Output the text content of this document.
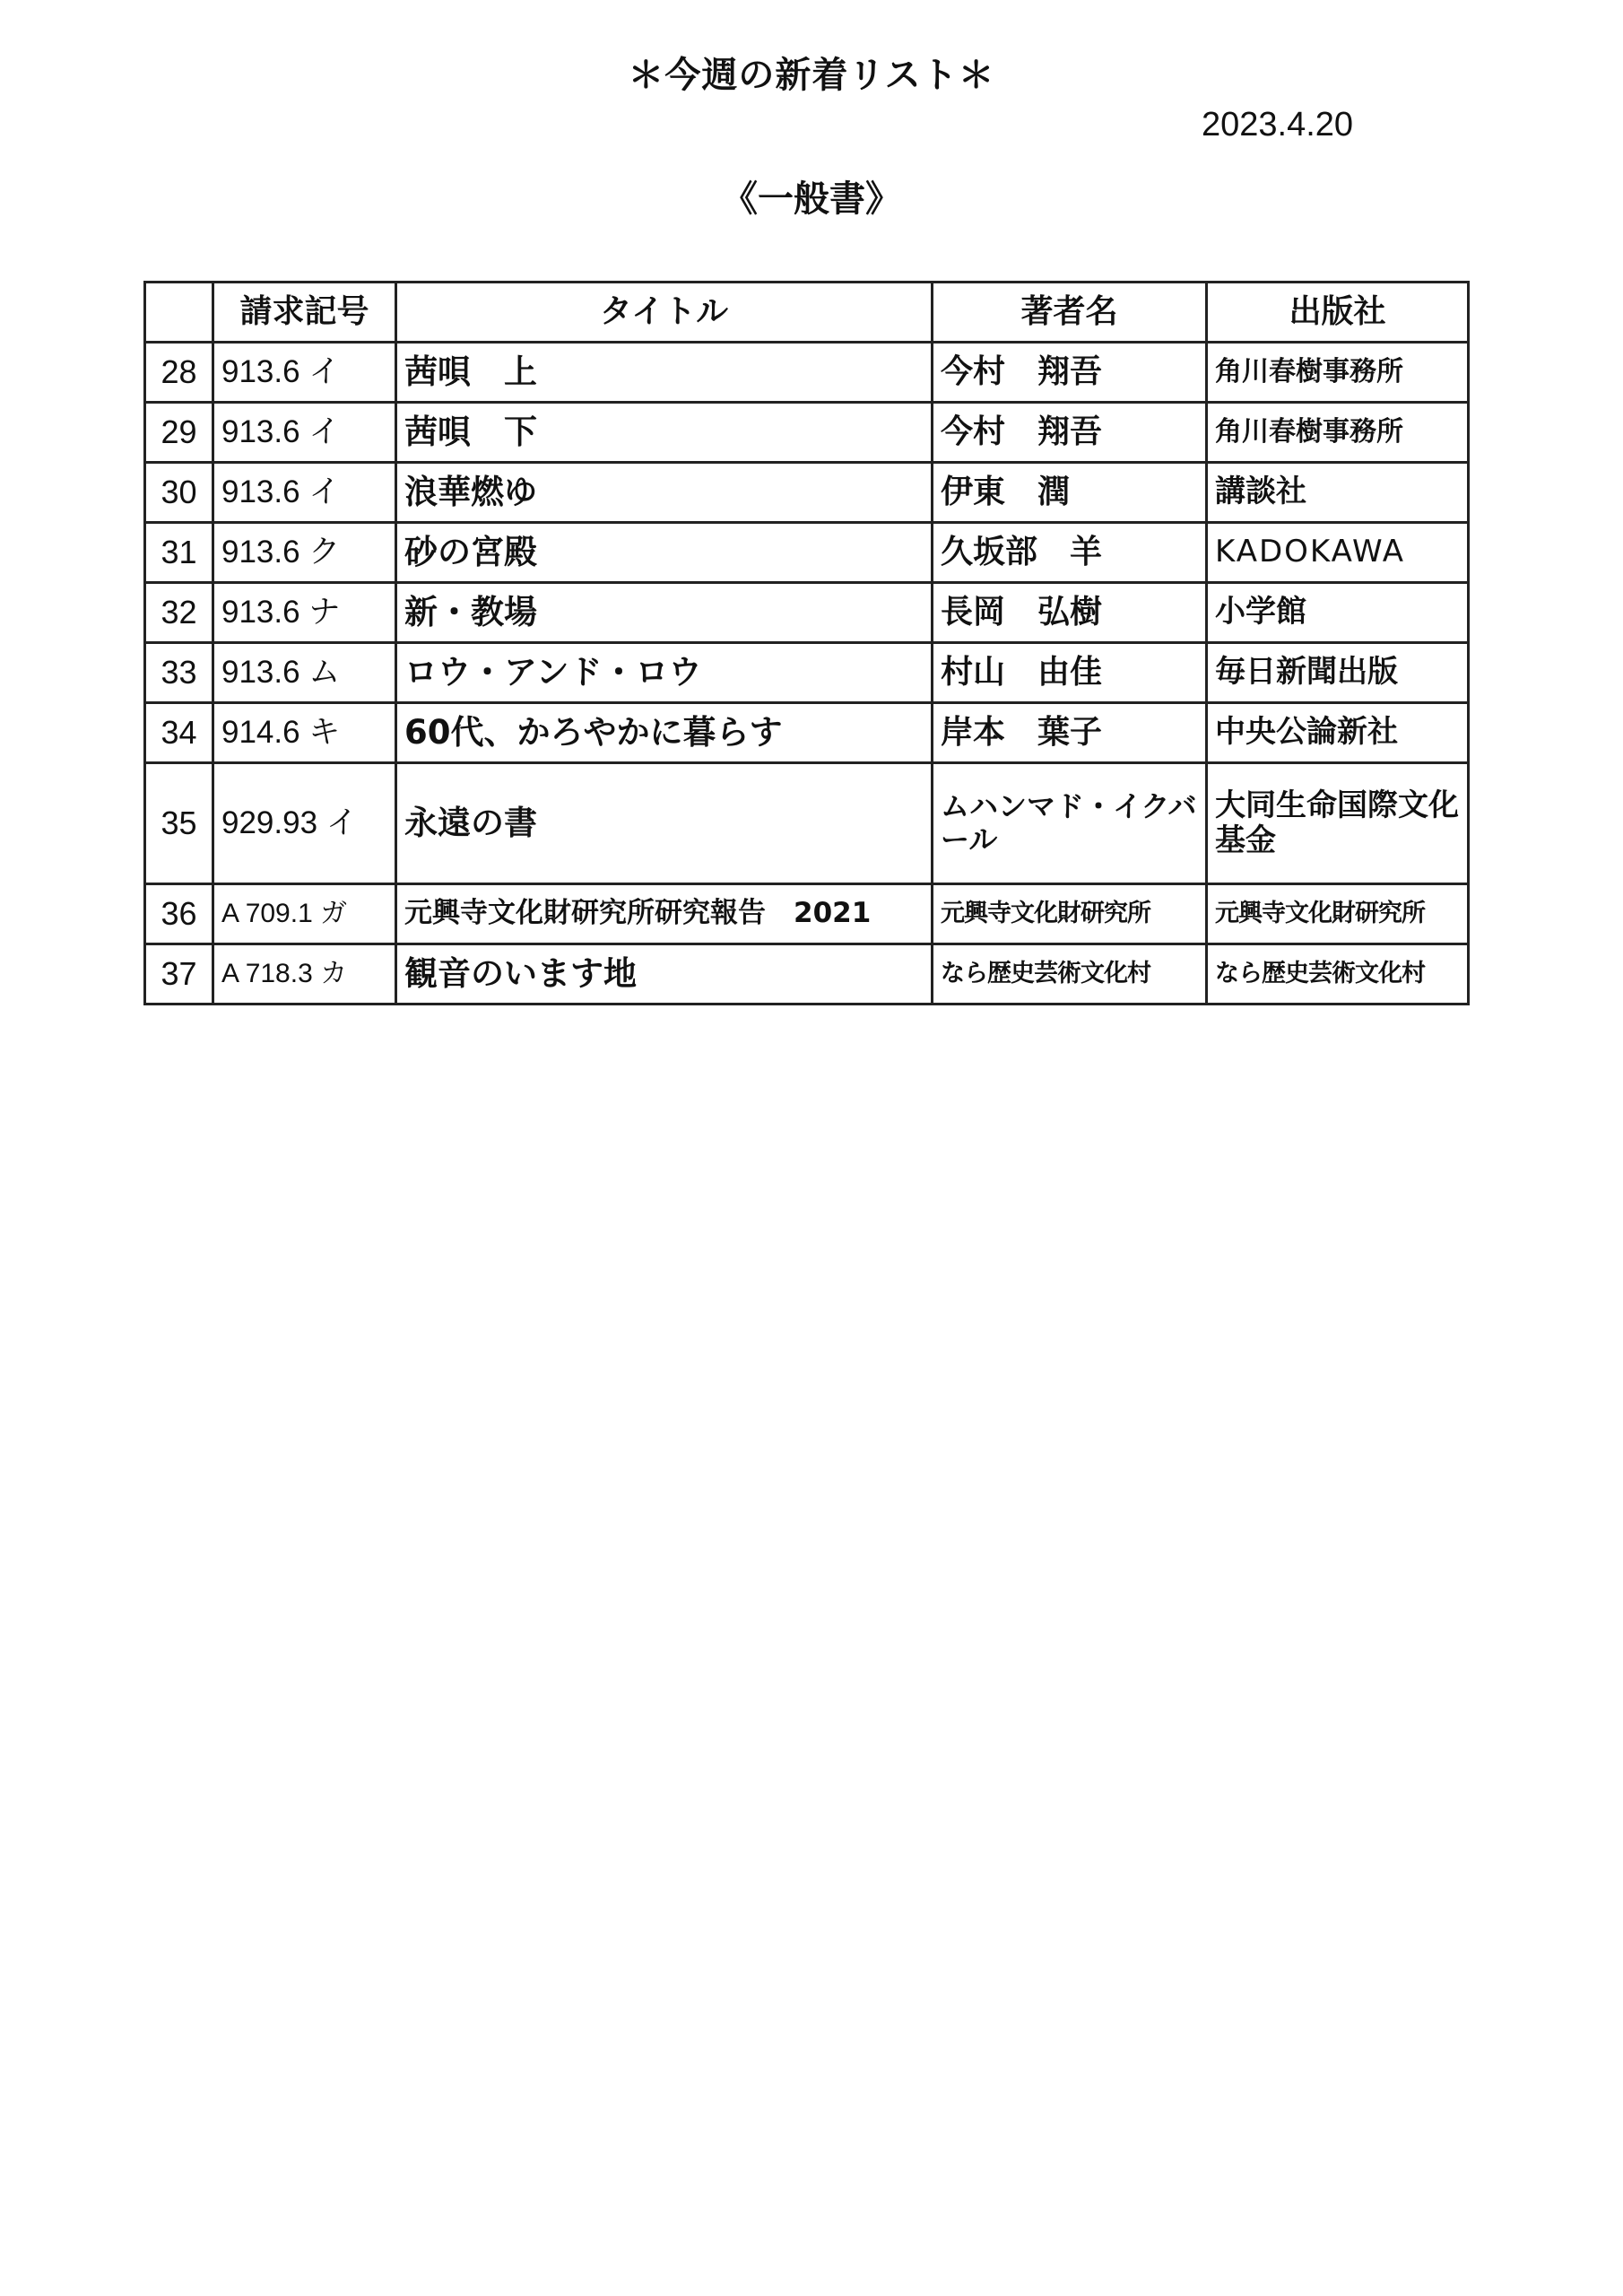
＊今週の新着リスト＊
2023.4.20
《一般書》
	請求記号	タイトル	著者名	出版社
28	913.6 イ	茜唄　上	今村　翔吾	角川春樹事務所
29	913.6 イ	茜唄　下	今村　翔吾	角川春樹事務所
30	913.6 イ	浪華燃ゆ	伊東　潤	講談社
31	913.6 ク	砂の宮殿	久坂部　羊	KADOKAWA
32	913.6 ナ	新・教場	長岡　弘樹	小学館
33	913.6 ム	ロウ・アンド・ロウ	村山　由佳	毎日新聞出版
34	914.6 キ	60代、かろやかに暮らす	岸本　葉子	中央公論新社
35	929.93 イ	永遠の書	ムハンマド・イクバール	大同生命国際文化基金
36	A 709.1 ガ	元興寺文化財研究所研究報告　2021	元興寺文化財研究所	元興寺文化財研究所
37	A 718.3 カ	観音のいます地	なら歴史芸術文化村	なら歴史芸術文化村
